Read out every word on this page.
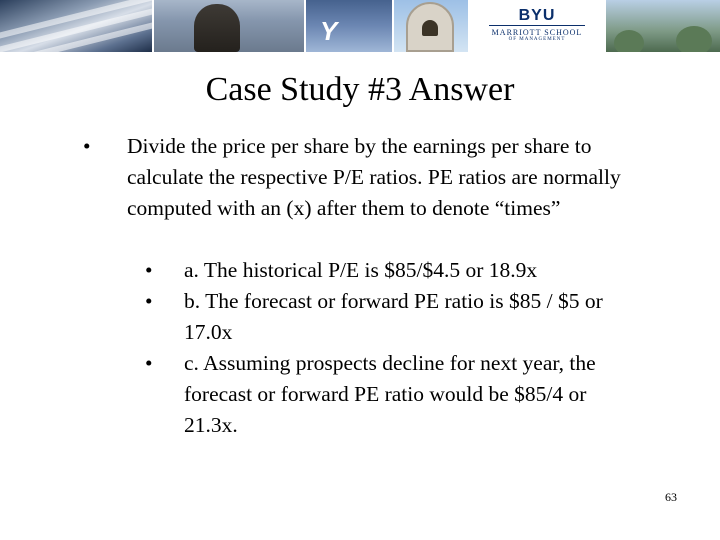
Y
BYU
MARRIOTT SCHOOL
OF MANAGEMENT
Case Study #3 Answer
• Divide the price per share by the earnings per share to calculate the respective P/E ratios. PE ratios are normally computed with an (x) after them to denote “times”

• a. The historical P/E is $85/$4.5 or 18.9x

• b. The forecast or forward PE ratio is $85 / $5 or 17.0x

• c. Assuming prospects decline for next year, the forecast or forward PE ratio would be $85/4 or 21.3x.

63
